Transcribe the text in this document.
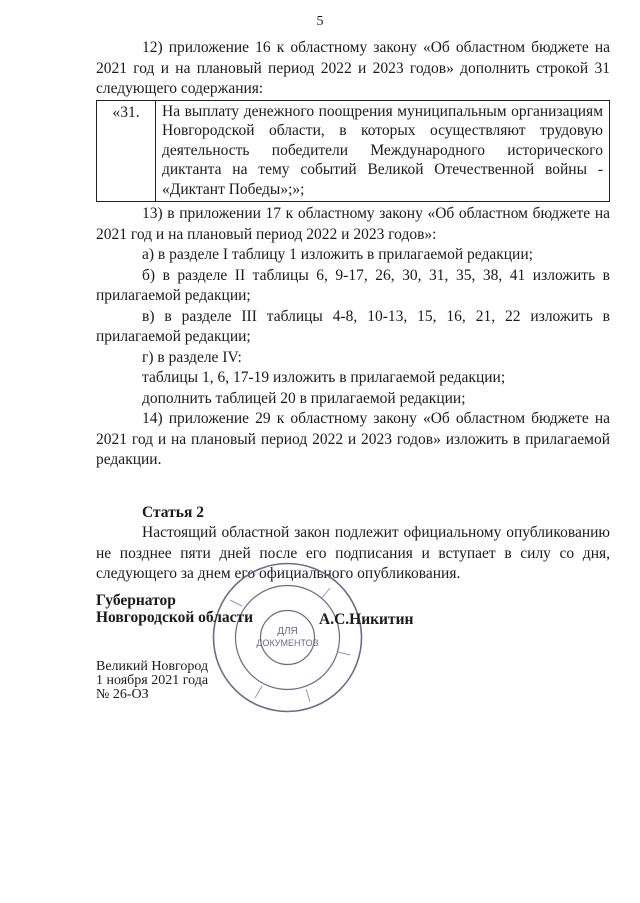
5

12) приложение 16 к областному закону «Об областном бюджете на 2021 год и на плановый период 2022 и 2023 годов» дополнить строкой 31 следующего содержания:

«31.	На выплату денежного поощрения муниципальным организациям Новгородской области, в которых осуществляют трудовую деятельность победители Международного исторического диктанта на тему событий Великой Отечественной войны - «Диктант Победы»;»;

13) в приложении 17 к областному закону «Об областном бюджете на 2021 год и на плановый период 2022 и 2023 годов»:

а) в разделе I таблицу 1 изложить в прилагаемой редакции;

б) в разделе II таблицы 6, 9-17, 26, 30, 31, 35, 38, 41 изложить в прилагаемой редакции;

в) в разделе III таблицы 4-8, 10-13, 15, 16, 21, 22 изложить в прилагаемой редакции;

г) в разделе IV:

таблицы 1, 6, 17-19 изложить в прилагаемой редакции;

дополнить таблицей 20 в прилагаемой редакции;

14) приложение 29 к областному закону «Об областном бюджете на 2021 год и на плановый период 2022 и 2023 годов» изложить в прилагаемой редакции.

Статья 2

Настоящий областной закон подлежит официальному опубликованию не позднее пяти дней после его подписания и вступает в силу со дня, следующего за днем его официального опубликования.

ДЛЯ
ДОКУМЕНТОВ
Губернатор
Новгородской области	А.С.Никитин
Великий Новгород
1 ноября 2021 года
№ 26-ОЗ
